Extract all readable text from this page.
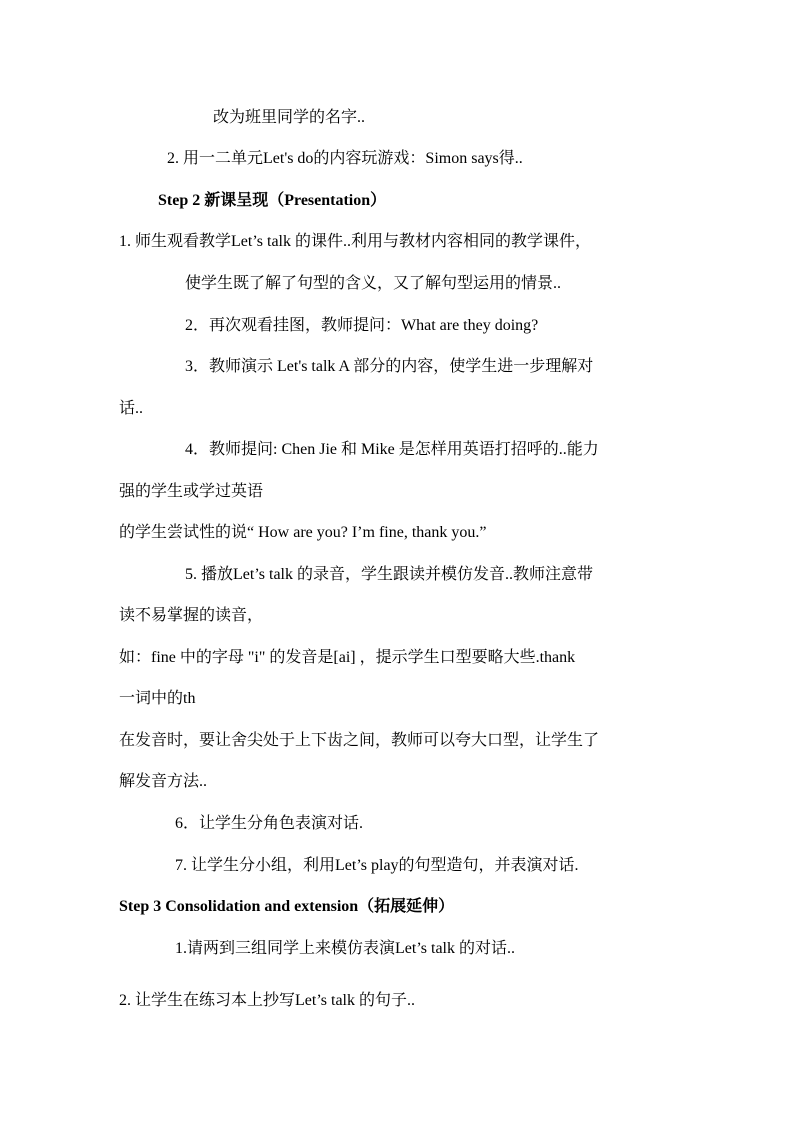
改为班里同学的名字..

2. 用一二单元Let's do的内容玩游戏：Simon says得..

Step 2 新课呈现（Presentation）

1. 师生观看教学Let’s talk 的课件..利用与教材内容相同的教学课件，

使学生既了解了句型的含义，又了解句型运用的情景..

2．再次观看挂图，教师提问：What are they doing?

3．教师演示 Let's talk A 部分的内容，使学生进一步理解对

话..

4．教师提问: Chen Jie 和 Mike 是怎样用英语打招呼的..能力

强的学生或学过英语

的学生尝试性的说“ How are you? I’m fine, thank you.”

5. 播放Let’s talk 的录音，学生跟读并模仿发音..教师注意带

读不易掌握的读音，

如：fine 中的字母 "i" 的发音是[ai] ，提示学生口型要略大些.thank

一词中的th

在发音时，要让舍尖处于上下齿之间，教师可以夸大口型，让学生了

解发音方法..

6．让学生分角色表演对话.

7. 让学生分小组，利用Let’s play的句型造句，并表演对话.

Step 3 Consolidation and extension（拓展延伸）

1.请两到三组同学上来模仿表演Let’s talk 的对话..

2. 让学生在练习本上抄写Let’s talk 的句子..
